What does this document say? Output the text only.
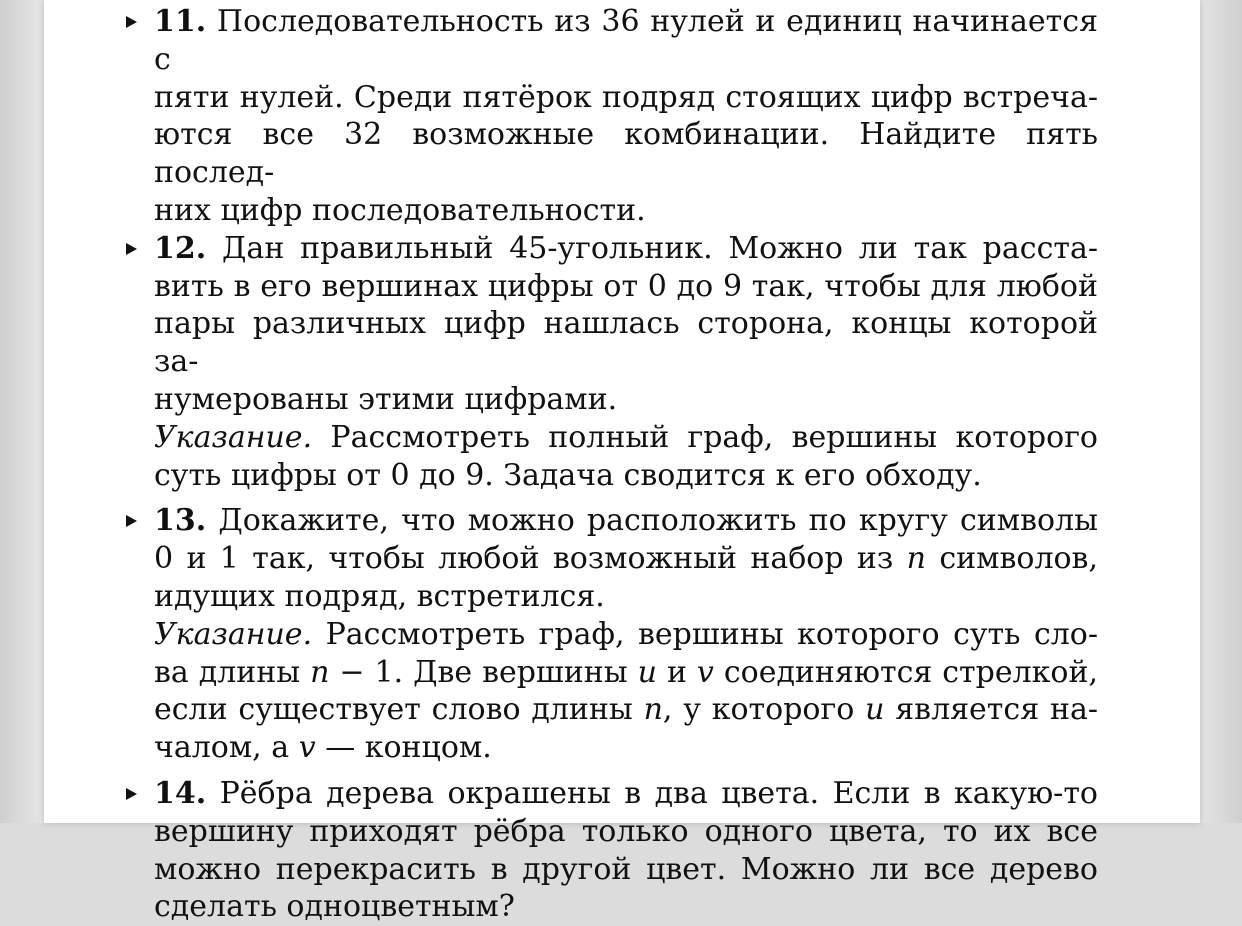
11. Последовательность из 36 нулей и единиц начинается с
пяти нулей. Среди пятёрок подряд стоящих цифр встреча-
ются все 32 возможные комбинации. Найдите пять послед-
них цифр последовательности.
12. Дан правильный 45-угольник. Можно ли так расста-
вить в его вершинах цифры от 0 до 9 так, чтобы для любой
пары различных цифр нашлась сторона, концы которой за-
нумерованы этими цифрами.
Указание. Рассмотреть полный граф, вершины которого
суть цифры от 0 до 9. Задача сводится к его обходу.
13. Докажите, что можно расположить по кругу символы
0 и 1 так, чтобы любой возможный набор из n символов,
идущих подряд, встретился.
Указание. Рассмотреть граф, вершины которого суть сло-
ва длины n − 1. Две вершины u и v соединяются стрелкой,
если существует слово длины n, у которого u является на-
чалом, а v — концом.
14. Рёбра дерева окрашены в два цвета. Если в какую-то
вершину приходят рёбра только одного цвета, то их все
можно перекрасить в другой цвет. Можно ли все дерево
сделать одноцветным?
